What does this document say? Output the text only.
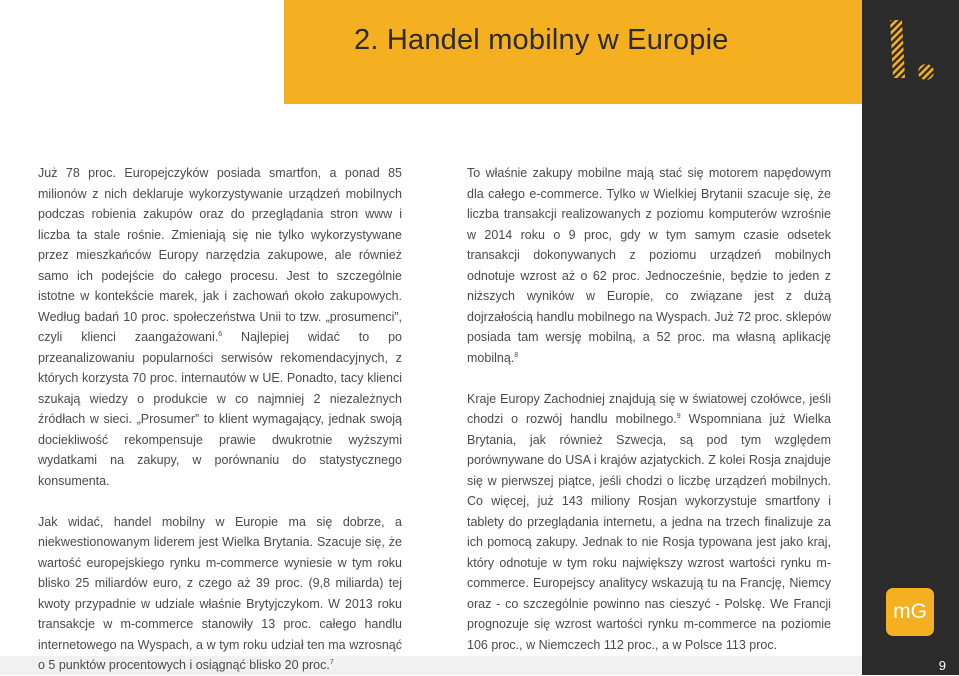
2. Handel mobilny w Europie
mG
9

Już 78 proc. Europejczyków posiada smartfon, a ponad 85 milionów z nich deklaruje wykorzystywanie urządzeń mobilnych podczas robienia zakupów oraz do przeglądania stron www i liczba ta stale rośnie. Zmieniają się nie tylko wykorzystywane przez mieszkańców Europy narzędzia zakupowe, ale również samo ich podejście do całego procesu. Jest to szczególnie istotne w kontekście marek, jak i zachowań około zakupowych. Według badań 10 proc. społeczeństwa Unii to tzw. „prosumenci”, czyli klienci zaangażowani.$^6$ Najlepiej widać to po przeanalizowaniu popularności serwisów rekomendacyjnych, z których korzysta 70 proc. internautów w UE. Ponadto, tacy klienci szukają wiedzy o produkcie w co najmniej 2 niezależnych źródłach w sieci. „Prosumer” to klient wymagający, jednak swoją dociekliwość rekompensuje prawie dwukrotnie wyższymi wydatkami na zakupy, w porównaniu do statystycznego konsumenta.

Jak widać, handel mobilny w Europie ma się dobrze, a niekwestionowanym liderem jest Wielka Brytania. Szacuje się, że wartość europejskiego rynku m-commerce wyniesie w tym roku blisko 25 miliardów euro, z czego aż 39 proc. (9,8 miliarda) tej kwoty przypadnie w udziale właśnie Brytyjczykom. W 2013 roku transakcje w m-commerce stanowiły 13 proc. całego handlu internetowego na Wyspach, a w tym roku udział ten ma wzrosnąć o 5 punktów procentowych i osiągnąć blisko 20 proc.$^7$

To właśnie zakupy mobilne mają stać się motorem napędowym dla całego e-commerce. Tylko w Wielkiej Brytanii szacuje się, że liczba transakcji realizowanych z poziomu komputerów wzrośnie w 2014 roku o 9 proc, gdy w tym samym czasie odsetek transakcji dokonywanych z poziomu urządzeń mobilnych odnotuje wzrost aż o 62 proc. Jednocześnie, będzie to jeden z niższych wyników w Europie, co związane jest z dużą dojrzałością handlu mobilnego na Wyspach. Już 72 proc. sklepów posiada tam wersję mobilną, a 52 proc. ma własną aplikację mobilną.$^8$

Kraje Europy Zachodniej znajdują się w światowej czołówce, jeśli chodzi o rozwój handlu mobilnego.$^9$ Wspomniana już Wielka Brytania, jak również Szwecja, są pod tym względem porównywane do USA i krajów azjatyckich. Z kolei Rosja znajduje się w pierwszej piątce, jeśli chodzi o liczbę urządzeń mobilnych. Co więcej, już 143 miliony Rosjan wykorzystuje smartfony i tablety do przeglądania internetu, a jedna na trzech finalizuje za ich pomocą zakupy. Jednak to nie Rosja typowana jest jako kraj, który odnotuje w tym roku największy wzrost wartości rynku m-commerce. Europejscy analitycy wskazują tu na Francję, Niemcy oraz - co szczególnie powinno nas cieszyć - Polskę. We Francji prognozuje się wzrost wartości rynku m-commerce na poziomie 106 proc., w Niemczech 112 proc., a w Polsce 113 proc.
